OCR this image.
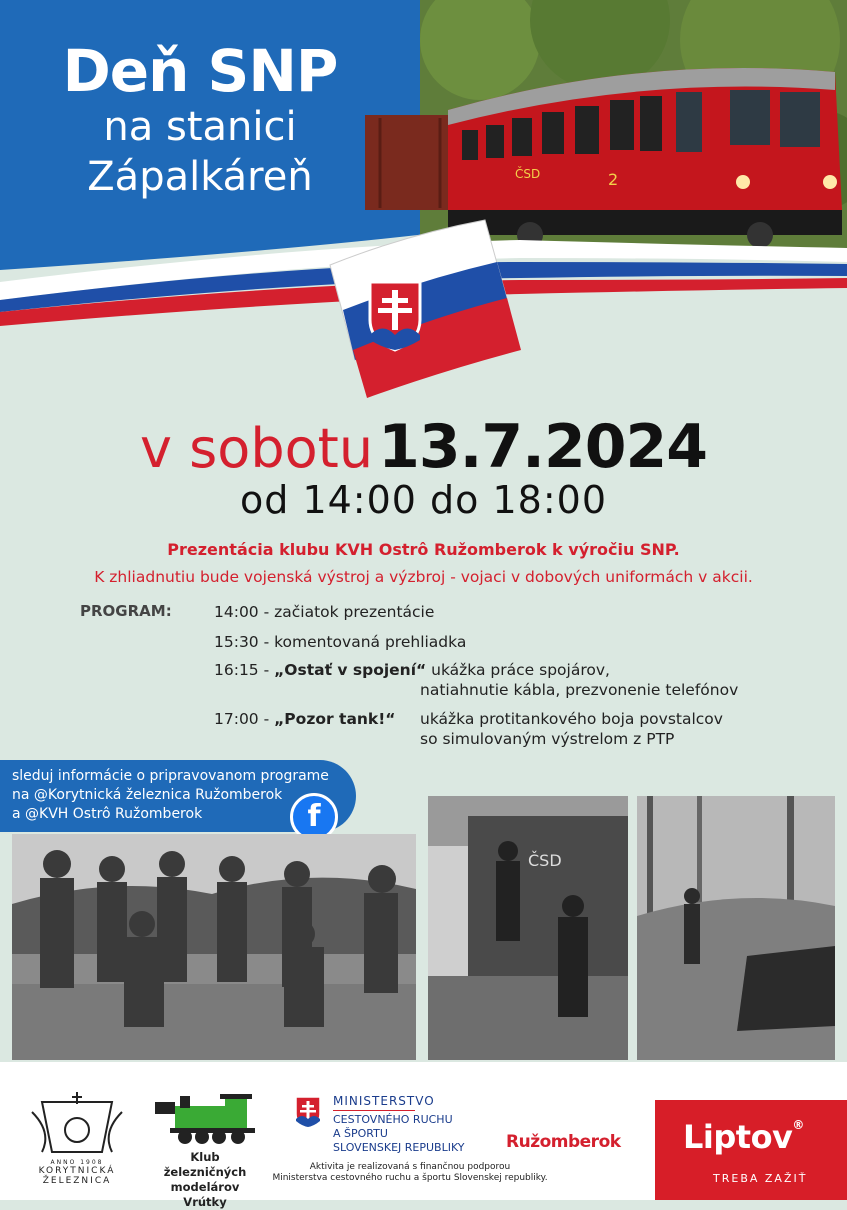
ČSD	2
Deň SNP
na stanici
Zápalkáreň
v sobotu 13.7.2024
od 14:00 do 18:00
Prezentácia klubu KVH Ostrô Ružomberok k výročiu SNP.
K zhliadnutiu bude vojenská výstroj a výzbroj - vojaci v dobových uniformách v akcii.
PROGRAM:	14:00 - začiatok prezentácie
15:30 - komentovaná prehliadka
16:15 - „Ostať v spojení“ ukážka práce spojárov,
natiahnutie kábla, prezvonenie telefónov
17:00 - „Pozor tank!“ ukážka protitankového boja povstalcov
so simulovaným výstrelom z PTP
sleduj informácie o pripravovanom programe
na @Korytnická železnica Ružomberok
a @KVH Ostrô Ružomberok	f
ČSD
ANNO 1908
KORYTNICKÁ
ŽELEZNICA
Klub železničných
modelárov Vrútky
MINISTERSTVO
CESTOVNÉHO RUCHU
A ŠPORTU
SLOVENSKEJ REPUBLIKY
Aktivita je realizovaná s finančnou podporou
Ministerstva cestovného ruchu a športu Slovenskej republiky.
Ružomberok Liptov®
TREBA ZAŽIŤ
